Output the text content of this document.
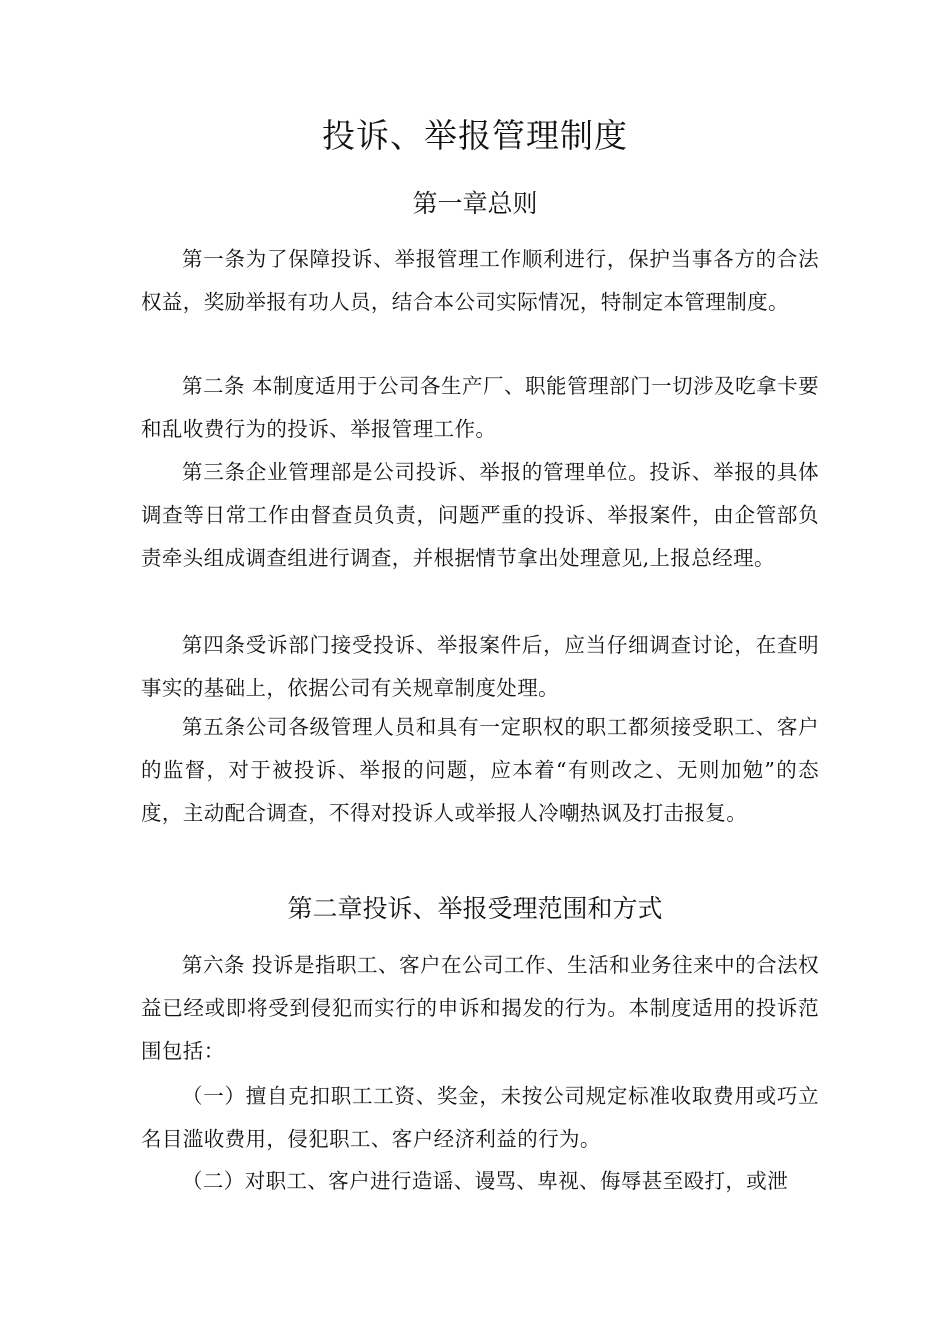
投诉、举报管理制度
第一章总则

第一条为了保障投诉、举报管理工作顺利进行，保护当事各方的合法权益，奖励举报有功人员，结合本公司实际情况，特制定本管理制度。

第二条 本制度适用于公司各生产厂、职能管理部门一切涉及吃拿卡要和乱收费行为的投诉、举报管理工作。

第三条企业管理部是公司投诉、举报的管理单位。投诉、举报的具体调查等日常工作由督查员负责，问题严重的投诉、举报案件，由企管部负责牵头组成调查组进行调查，并根据情节拿出处理意见,上报总经理。

第四条受诉部门接受投诉、举报案件后，应当仔细调查讨论，在查明事实的基础上，依据公司有关规章制度处理。

第五条公司各级管理人员和具有一定职权的职工都须接受职工、客户的监督，对于被投诉、举报的问题，应本着“有则改之、无则加勉”的态度，主动配合调查，不得对投诉人或举报人冷嘲热讽及打击报复。

第二章投诉、举报受理范围和方式

第六条 投诉是指职工、客户在公司工作、生活和业务往来中的合法权益已经或即将受到侵犯而实行的申诉和揭发的行为。本制度适用的投诉范围包括：

（一）擅自克扣职工工资、奖金，未按公司规定标准收取费用或巧立名目滥收费用，侵犯职工、客户经济利益的行为。

（二）对职工、客户进行造谣、谩骂、卑视、侮辱甚至殴打，或泄
